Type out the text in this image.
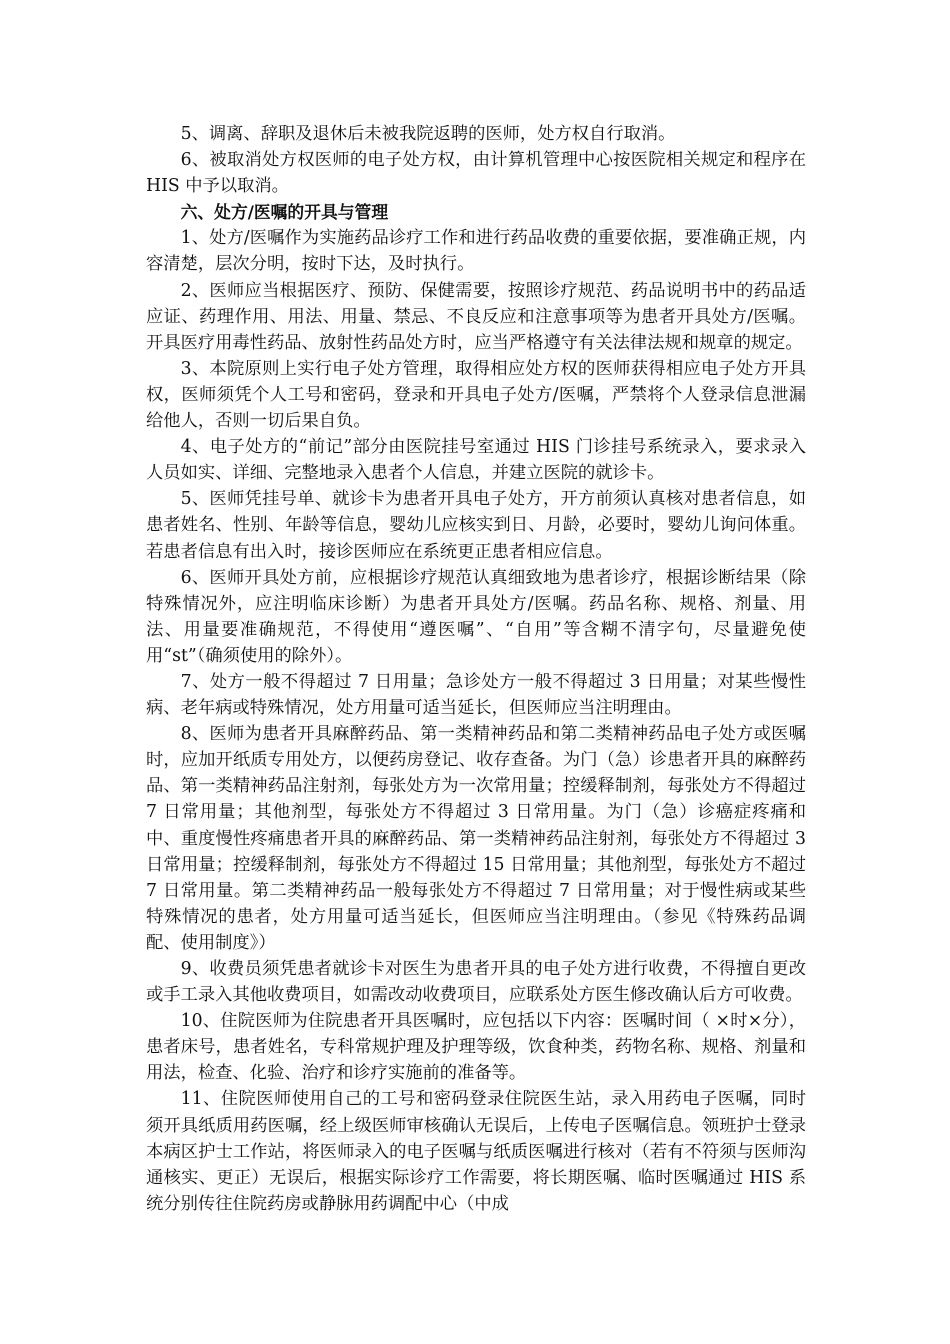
5、调离、辞职及退休后未被我院返聘的医师，处方权自行取消。

6、被取消处方权医师的电子处方权，由计算机管理中心按医院相关规定和程序在 HIS 中予以取消。

六、处方/医嘱的开具与管理

1、处方/医嘱作为实施药品诊疗工作和进行药品收费的重要依据，要准确正规，内容清楚，层次分明，按时下达，及时执行。

2、医师应当根据医疗、预防、保健需要，按照诊疗规范、药品说明书中的药品适应证、药理作用、用法、用量、禁忌、不良反应和注意事项等为患者开具处方/医嘱。开具医疗用毒性药品、放射性药品处方时，应当严格遵守有关法律法规和规章的规定。

3、本院原则上实行电子处方管理，取得相应处方权的医师获得相应电子处方开具权，医师须凭个人工号和密码，登录和开具电子处方/医嘱，严禁将个人登录信息泄漏给他人，否则一切后果自负。

4、电子处方的“前记”部分由医院挂号室通过 HIS 门诊挂号系统录入，要求录入人员如实、详细、完整地录入患者个人信息，并建立医院的就诊卡。

5、医师凭挂号单、就诊卡为患者开具电子处方，开方前须认真核对患者信息，如患者姓名、性别、年龄等信息，婴幼儿应核实到日、月龄，必要时，婴幼儿询问体重。若患者信息有出入时，接诊医师应在系统更正患者相应信息。

6、医师开具处方前，应根据诊疗规范认真细致地为患者诊疗，根据诊断结果（除特殊情况外，应注明临床诊断）为患者开具处方/医嘱。药品名称、规格、剂量、用法、用量要准确规范，不得使用“遵医嘱”、“自用”等含糊不清字句，尽量避免使用“st”（确须使用的除外）。

7、处方一般不得超过 7 日用量；急诊处方一般不得超过 3 日用量；对某些慢性病、老年病或特殊情况，处方用量可适当延长，但医师应当注明理由。

8、医师为患者开具麻醉药品、第一类精神药品和第二类精神药品电子处方或医嘱时，应加开纸质专用处方，以便药房登记、收存查备。为门（急）诊患者开具的麻醉药品、第一类精神药品注射剂，每张处方为一次常用量；控缓释制剂，每张处方不得超过 7 日常用量；其他剂型，每张处方不得超过 3 日常用量。为门（急）诊癌症疼痛和中、重度慢性疼痛患者开具的麻醉药品、第一类精神药品注射剂，每张处方不得超过 3 日常用量；控缓释制剂，每张处方不得超过 15 日常用量；其他剂型，每张处方不超过 7 日常用量。第二类精神药品一般每张处方不得超过 7 日常用量；对于慢性病或某些特殊情况的患者，处方用量可适当延长，但医师应当注明理由。（参见《特殊药品调配、使用制度》）

9、收费员须凭患者就诊卡对医生为患者开具的电子处方进行收费，不得擅自更改或手工录入其他收费项目，如需改动收费项目，应联系处方医生修改确认后方可收费。

10、住院医师为住院患者开具医嘱时，应包括以下内容：医嘱时间（ ×时×分），患者床号，患者姓名，专科常规护理及护理等级，饮食种类，药物名称、规格、剂量和用法，检查、化验、治疗和诊疗实施前的准备等。

11、住院医师使用自己的工号和密码登录住院医生站，录入用药电子医嘱，同时须开具纸质用药医嘱，经上级医师审核确认无误后，上传电子医嘱信息。领班护士登录本病区护士工作站，将医师录入的电子医嘱与纸质医嘱进行核对（若有不符须与医师沟通核实、更正）无误后，根据实际诊疗工作需要，将长期医嘱、临时医嘱通过 HIS 系统分别传往住院药房或静脉用药调配中心（中成
